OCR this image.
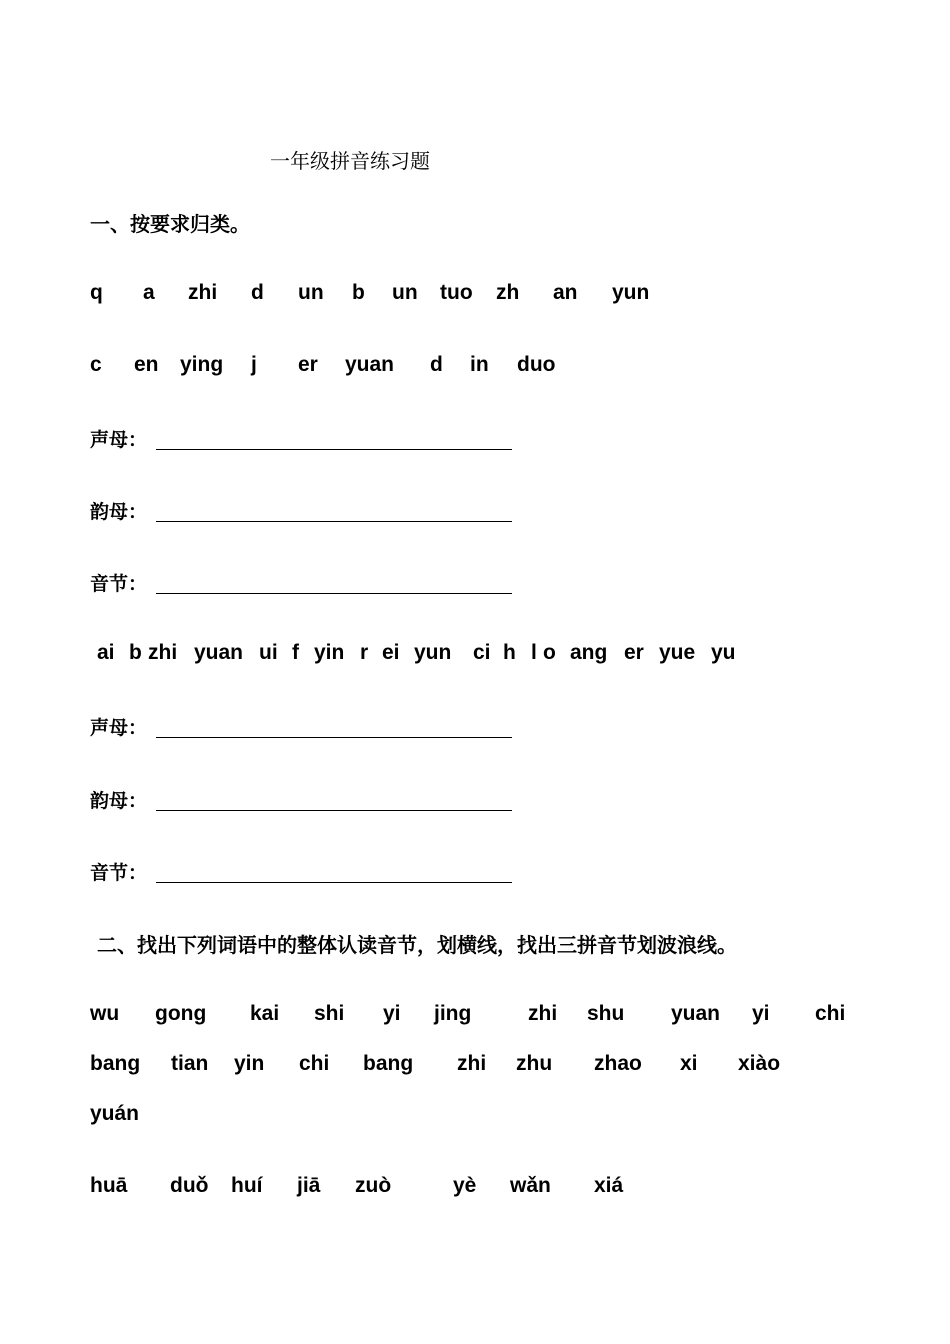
一年级拼音练习题
一、按要求归类。
q a zhi d un b un tuo zh an yun
c en ying j er yuan d in duo
声母：
韵母：
音节：
ai b zhi yuan ui f yin r ei yun ci h l o ang er yue yu
声母：
韵母：
音节：
二、找出下列词语中的整体认读音节，划横线，找出三拼音节划波浪线。
wu gong kai shi yi jing	zhi shu yuan yi chi
bang tian yin chi bang zhi zhu zhao xi xiào
yuán
huā duǒ huí jiā zuò	yè wǎn xiá
